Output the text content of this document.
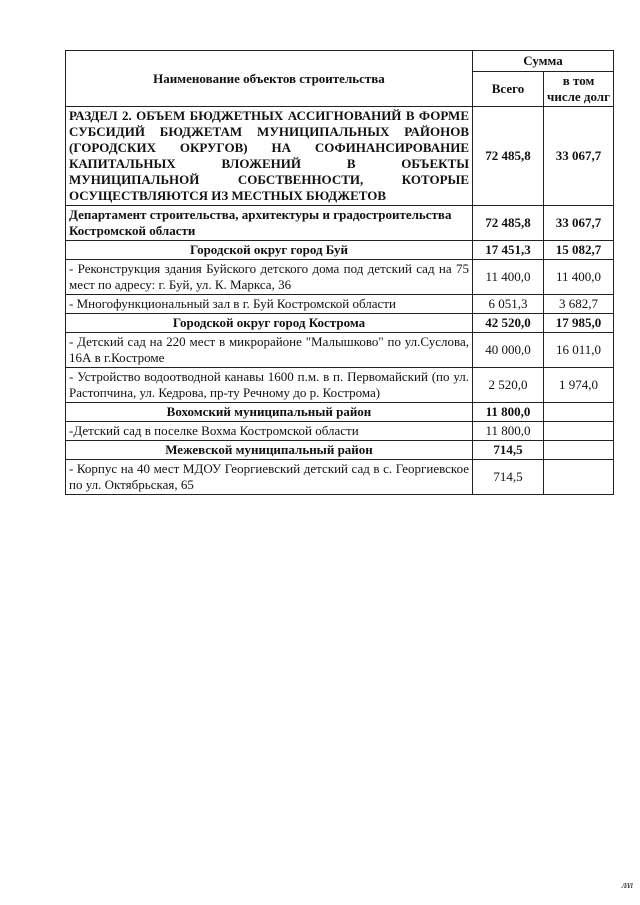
Наименование объектов строительства	Сумма	
	Всего	в том числе долг
РАЗДЕЛ 2. ОБЪЕМ БЮДЖЕТНЫХ АССИГНОВАНИЙ В ФОРМЕ СУБСИДИЙ БЮДЖЕТАМ МУНИЦИПАЛЬНЫХ РАЙОНОВ (ГОРОДСКИХ ОКРУГОВ) НА СОФИНАНСИРОВАНИЕ КАПИТАЛЬНЫХ ВЛОЖЕНИЙ В ОБЪЕКТЫ МУНИЦИПАЛЬНОЙ СОБСТВЕННОСТИ, КОТОРЫЕ ОСУЩЕСТВЛЯЮТСЯ ИЗ МЕСТНЫХ БЮДЖЕТОВ	72 485,8	33 067,7
Департамент строительства, архитектуры и градостроительства Костромской области	72 485,8	33 067,7
Городской округ город Буй	17 451,3	15 082,7
- Реконструкция здания Буйского детского дома под детский сад на 75 мест по адресу: г. Буй, ул. К. Маркса, 36	11 400,0	11 400,0
- Многофункциональный зал в г. Буй Костромской области	6 051,3	3 682,7
Городской округ город Кострома	42 520,0	17 985,0
- Детский сад на 220 мест в микрорайоне "Малышково" по ул.Суслова, 16А в г.Костроме	40 000,0	16 011,0
- Устройство водоотводной канавы 1600 п.м. в п. Первомайский (по ул. Растопчина, ул. Кедрова, пр-ту Речному до р. Кострома)	2 520,0	1 974,0
Вохомский муниципальный район	11 800,0	
-Детский сад в поселке Вохма Костромской области	11 800,0	
Межевской муниципальный район	714,5	
- Корпус на 40 мест МДОУ Георгиевский детский сад в с. Георгиевское по ул. Октябрьская, 65	714,5	
ллл
